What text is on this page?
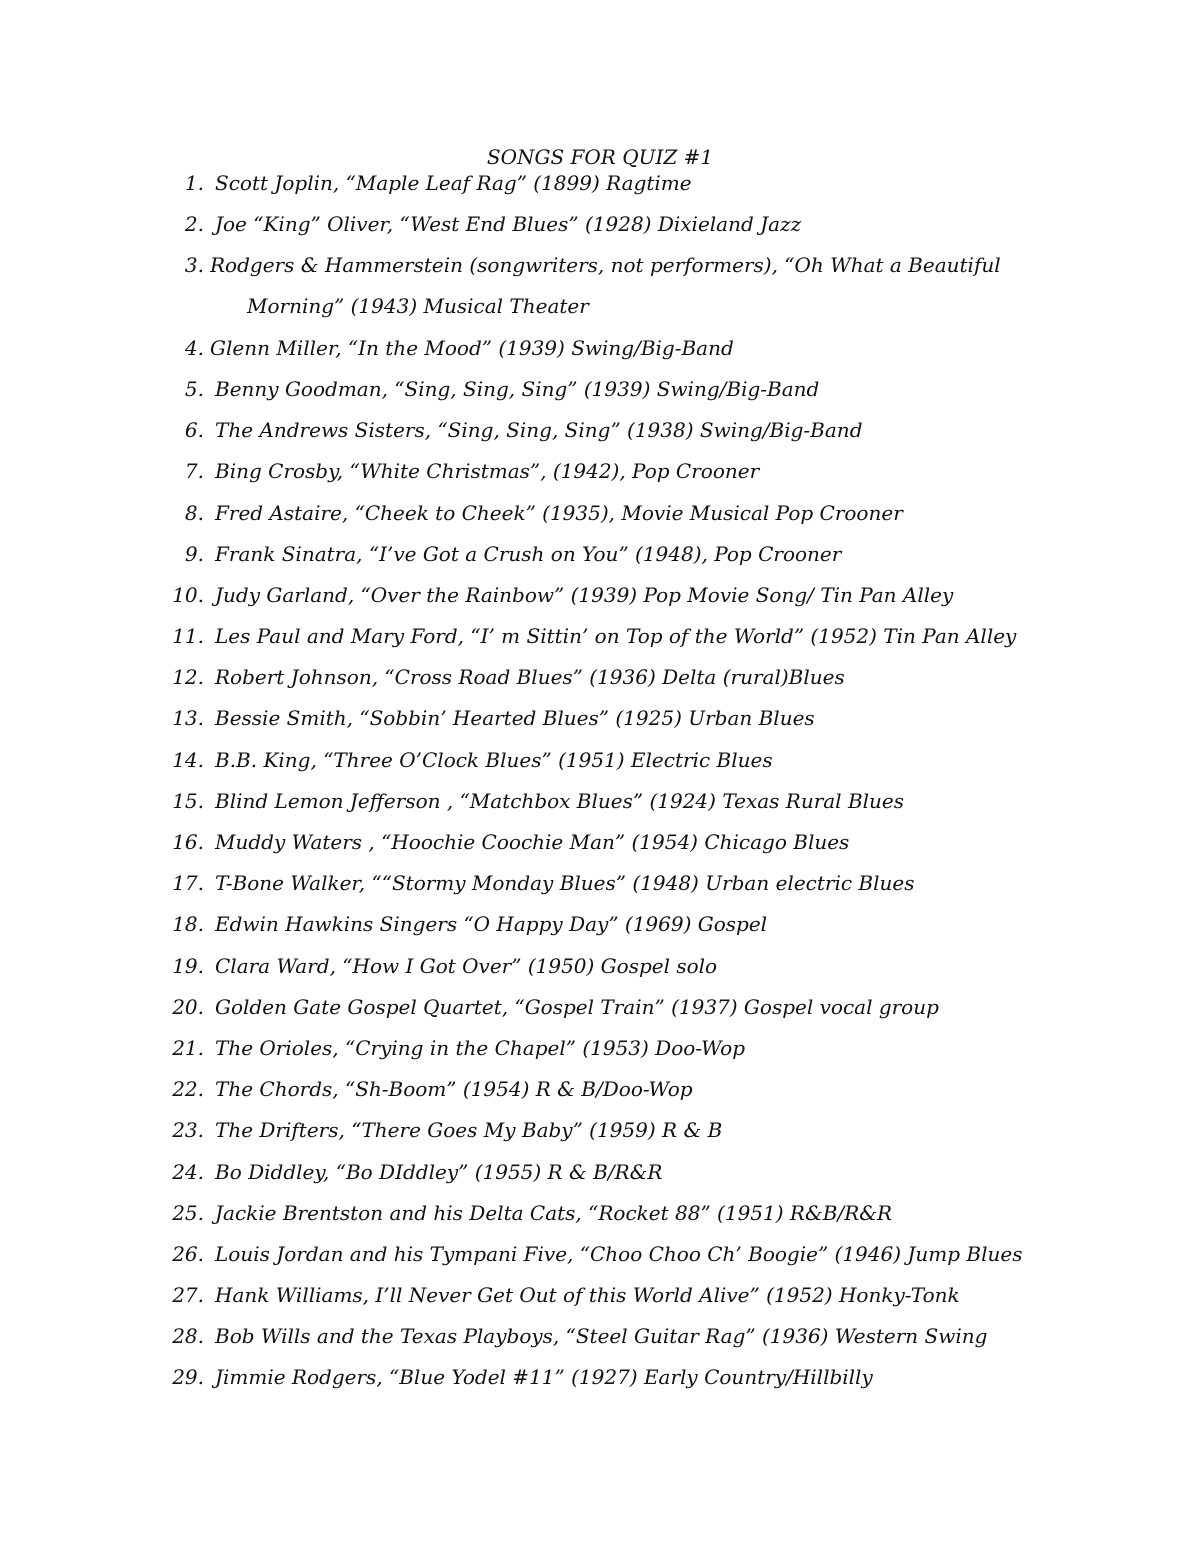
SONGS FOR QUIZ #1
1. Scott Joplin, “Maple Leaf Rag” (1899) Ragtime
2. Joe “King” Oliver, “West End Blues” (1928) Dixieland Jazz
3. Rodgers & Hammerstein (songwriters, not performers), “Oh What a Beautiful
Morning” (1943) Musical Theater
4. Glenn Miller, “In the Mood” (1939) Swing/Big-Band
5. Benny Goodman, “Sing, Sing, Sing” (1939) Swing/Big-Band
6. The Andrews Sisters, “Sing, Sing, Sing” (1938) Swing/Big-Band
7. Bing Crosby, “White Christmas”, (1942), Pop Crooner
8. Fred Astaire, “Cheek to Cheek” (1935), Movie Musical Pop Crooner
9. Frank Sinatra, “I’ve Got a Crush on You” (1948), Pop Crooner
10. Judy Garland, “Over the Rainbow” (1939) Pop Movie Song/ Tin Pan Alley
11. Les Paul and Mary Ford, “I’ m Sittin’ on Top of the World” (1952) Tin Pan Alley
12. Robert Johnson, “Cross Road Blues” (1936) Delta (rural)Blues
13. Bessie Smith, “Sobbin’ Hearted Blues” (1925) Urban Blues
14. B.B. King, “Three O’Clock Blues” (1951) Electric Blues
15. Blind Lemon Jefferson , “Matchbox Blues” (1924) Texas Rural Blues
16. Muddy Waters , “Hoochie Coochie Man” (1954) Chicago Blues
17. T-Bone Walker, ““Stormy Monday Blues” (1948) Urban electric Blues
18. Edwin Hawkins Singers “O Happy Day” (1969) Gospel
19. Clara Ward, “How I Got Over” (1950) Gospel solo
20. Golden Gate Gospel Quartet, “Gospel Train” (1937) Gospel vocal group
21. The Orioles, “Crying in the Chapel” (1953) Doo-Wop
22. The Chords, “Sh-Boom” (1954) R & B/Doo-Wop
23. The Drifters, “There Goes My Baby” (1959) R & B
24. Bo Diddley, “Bo DIddley” (1955) R & B/R&R
25. Jackie Brentston and his Delta Cats, “Rocket 88” (1951) R&B/R&R
26. Louis Jordan and his Tympani Five, “Choo Choo Ch’ Boogie” (1946) Jump Blues
27. Hank Williams, I’ll Never Get Out of this World Alive” (1952) Honky-Tonk
28. Bob Wills and the Texas Playboys, “Steel Guitar Rag” (1936) Western Swing
29. Jimmie Rodgers, “Blue Yodel #11” (1927) Early Country/Hillbilly
